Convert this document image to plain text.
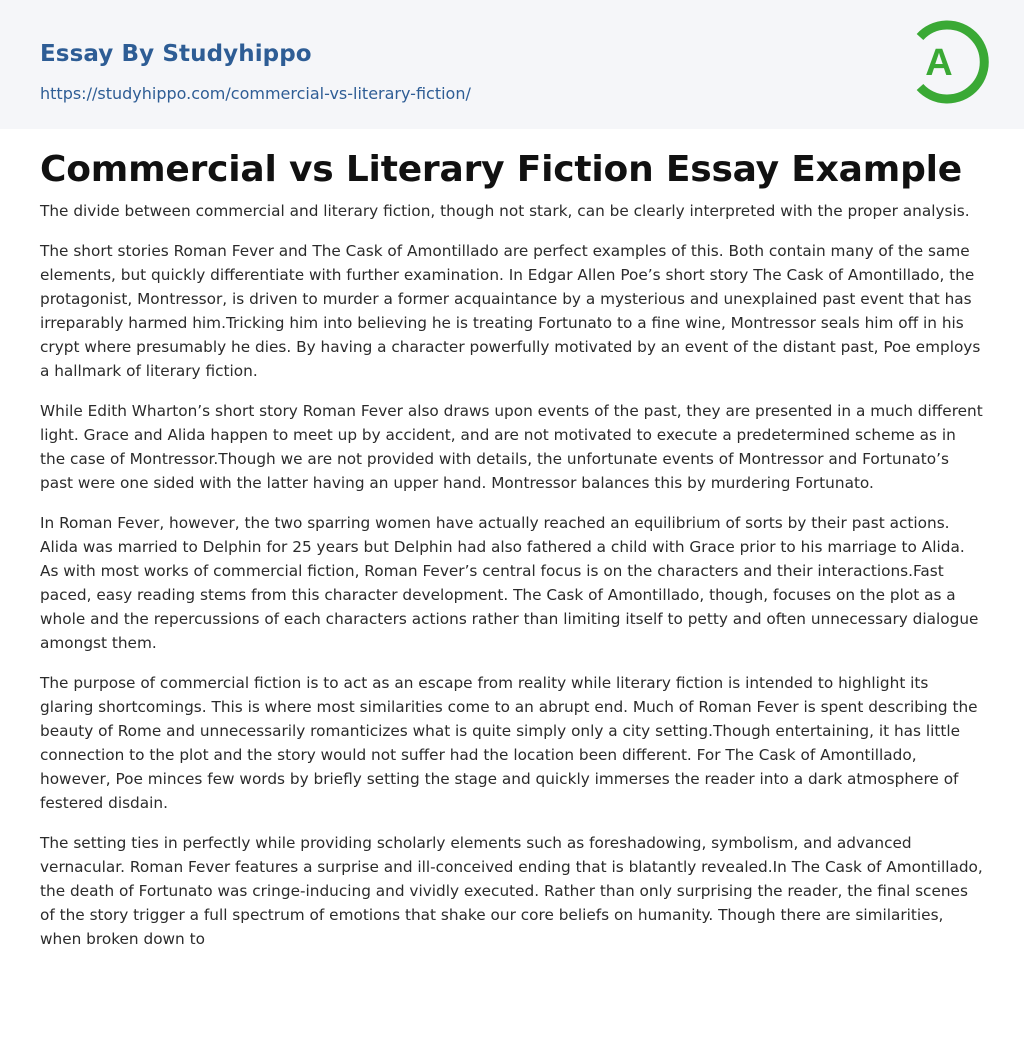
Essay By Studyhippo
https://studyhippo.com/commercial-vs-literary-fiction/
A
Commercial vs Literary Fiction Essay Example

The divide between commercial and literary fiction, though not stark, can be clearly interpreted with the proper analysis.

The short stories Roman Fever and The Cask of Amontillado are perfect examples of this. Both contain many of the same elements, but quickly differentiate with further examination. In Edgar Allen Poe’s short story The Cask of Amontillado, the protagonist, Montressor, is driven to murder a former acquaintance by a mysterious and unexplained past event that has irreparably harmed him.Tricking him into believing he is treating Fortunato to a fine wine, Montressor seals him off in his crypt where presumably he dies. By having a character powerfully motivated by an event of the distant past, Poe employs a hallmark of literary fiction.

While Edith Wharton’s short story Roman Fever also draws upon events of the past, they are presented in a much different light. Grace and Alida happen to meet up by accident, and are not motivated to execute a predetermined scheme as in the case of Montressor.Though we are not provided with details, the unfortunate events of Montressor and Fortunato’s past were one sided with the latter having an upper hand. Montressor balances this by murdering Fortunato.

In Roman Fever, however, the two sparring women have actually reached an equilibrium of sorts by their past actions. Alida was married to Delphin for 25 years but Delphin had also fathered a child with Grace prior to his marriage to Alida. As with most works of commercial fiction, Roman Fever’s central focus is on the characters and their interactions.Fast paced, easy reading stems from this character development. The Cask of Amontillado, though, focuses on the plot as a whole and the repercussions of each characters actions rather than limiting itself to petty and often unnecessary dialogue amongst them.

The purpose of commercial fiction is to act as an escape from reality while literary fiction is intended to highlight its glaring shortcomings. This is where most similarities come to an abrupt end. Much of Roman Fever is spent describing the beauty of Rome and unnecessarily romanticizes what is quite simply only a city setting.Though entertaining, it has little connection to the plot and the story would not suffer had the location been different. For The Cask of Amontillado, however, Poe minces few words by briefly setting the stage and quickly immerses the reader into a dark atmosphere of festered disdain.

The setting ties in perfectly while providing scholarly elements such as foreshadowing, symbolism, and advanced vernacular. Roman Fever features a surprise and ill-conceived ending that is blatantly revealed.In The Cask of Amontillado, the death of Fortunato was cringe-inducing and vividly executed. Rather than only surprising the reader, the final scenes of the story trigger a full spectrum of emotions that shake our core beliefs on humanity. Though there are similarities, when broken down to
